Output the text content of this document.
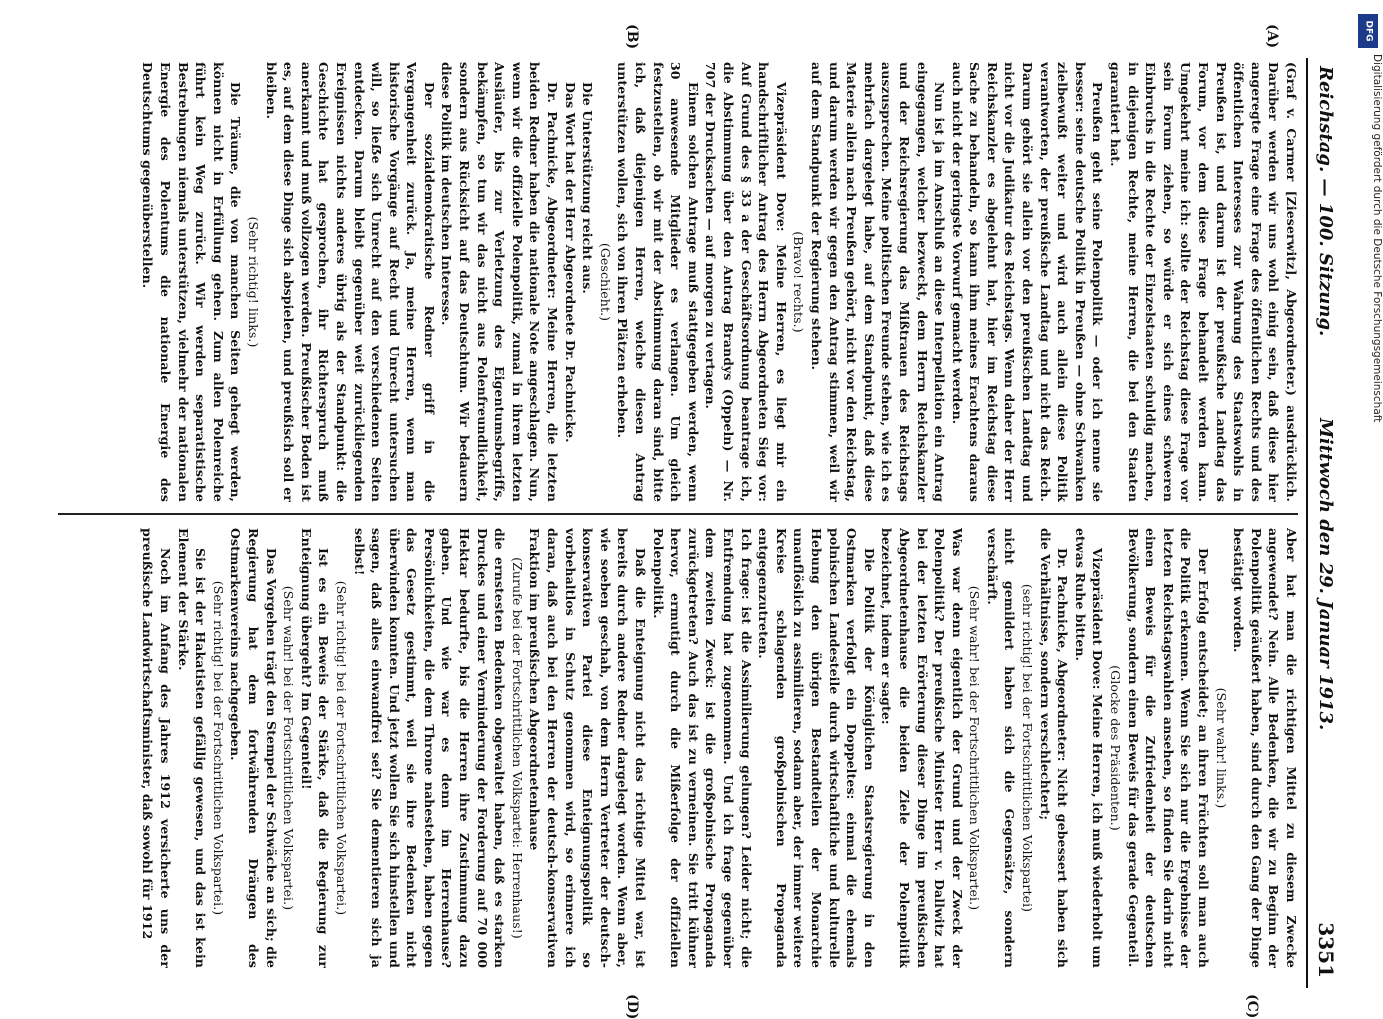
Reichstag. — 100. Sitzung.
Mittwoch den 29. Januar 1913.
3351
(A)
(B)
(C)
(D)

(Graf v. Carmer [Zieserwitz], Abgeordneter.) ausdrücklich. Darüber werden wir uns wohl einig sein, daß diese hier angeregte Frage eine Frage des öffentlichen Rechts und des öffentlichen Interesses zur Wahrung des Staatswohls in Preußen ist, und darum ist der preußische Landtag das Forum, vor dem diese Frage behandelt werden kann. Umgekehrt meine ich: sollte der Reichstag diese Frage vor sein Forum ziehen, so würde er sich eines schweren Einbruchs in die Rechte der Einzelstaaten schuldig machen, in diejenigen Rechte, meine Herren, die bei den Staaten garantiert hat.

Preußen geht seine Polenpolitik — oder ich nenne sie besser: seine deutsche Politik in Preußen — ohne Schwanken zielbewußt weiter und wird auch allein diese Politik verantworten, der preußische Landtag und nicht das Reich. Darum gehört sie allein vor den preußischen Landtag und nicht vor die Judikatur des Reichstags. Wenn daher der Herr Reichskanzler es abgelehnt hat, hier im Reichstag diese Sache zu behandeln, so kann ihm meines Erachtens daraus auch nicht der geringste Vorwurf gemacht werden.

Nun ist ja im Anschluß an diese Interpellation ein Antrag eingegangen, welcher bezweckt, dem Herrn Reichskanzler und der Reichsregierung das Mißtrauen des Reichstags auszusprechen. Meine politischen Freunde stehen, wie ich es mehrfach dargelegt habe, auf dem Standpunkt, daß diese Materie allein nach Preußen gehört, nicht vor den Reichstag, und darum werden wir gegen den Antrag stimmen, weil wir auf dem Standpunkt der Regierung stehen.

(Bravo! rechts.)

Vizepräsident Dove: Meine Herren, es liegt mir ein handschriftlicher Antrag des Herrn Abgeordneten Sieg vor: Auf Grund des § 33 a der Geschäftsordnung beantrage ich, die Abstimmung über den Antrag Brandys (Oppeln) — Nr. 707 der Drucksachen — auf morgen zu vertagen.

Einem solchen Antrage muß stattgegeben werden, wenn 30 anwesende Mitglieder es verlangen. Um gleich festzustellen, ob wir mit der Abstimmung daran sind, bitte ich, daß diejenigen Herren, welche diesen Antrag unterstützen wollen, sich von ihren Plätzen erheben.

(Geschieht.)

Die Unterstützung reicht aus.

Das Wort hat der Herr Abgeordnete Dr. Pachnicke.

Dr. Pachnicke, Abgeordneter: Meine Herren, die letzten beiden Redner haben die nationale Note angeschlagen. Nun, wenn wir die offizielle Polenpolitik, zumal in ihrem letzten Ausläufer, bis zur Verletzung des Eigentumsbegriffs, bekämpfen, so tun wir das nicht aus Polenfreundlichkeit, sondern aus Rücksicht auf das Deutschtum. Wir bedauern diese Politik im deutschen Interesse.

Der sozialdemokratische Redner griff in die Vergangenheit zurück. Ja, meine Herren, wenn man historische Vorgänge auf Recht und Unrecht untersuchen will, so lieẞe sich Unrecht auf den verschiedenen Seiten entdecken. Darum bleibt gegenüber weit zurückliegenden Ereignissen nichts anderes übrig als der Standpunkt: die Geschichte hat gesprochen, ihr Richterspruch muß anerkannt und muß vollzogen werden. Preußischer Boden ist es, auf dem diese Dinge sich abspielen, und preußisch soll er bleiben.

(Sehr richtig! links.)

Die Träume, die von manchen Seiten gehegt werden, können nicht in Erfüllung gehen. Zum allen Polenreiche führt kein Weg zurück. Wir werden separatistische Bestrebungen niemals unterstützen, vielmehr der nationalen Energie des Polentums die nationale Energie des Deutschtums gegenüberstellen.

Aber hat man die richtigen Mittel zu diesem Zwecke angewendet? Nein. Alle Bedenken, die wir zu Beginn der Polenpolitik geäußert haben, sind durch den Gang der Dinge bestätigt worden.

(Sehr wahr! links.)

Der Erfolg entscheidet; an ihren Früchten soll man auch die Politik erkennen. Wenn Sie sich nur die Ergebnisse der letzten Reichstagswahlen ansehen, so finden Sie darin nicht einen Beweis für die Zufriedenheit der deutschen Bevölkerung, sondern einen Beweis für das gerade Gegenteil.

(Glocke des Präsidenten.)

Vizepräsident Dove: Meine Herren, ich muß wiederholt um etwas Ruhe bitten.

Dr. Pachnicke, Abgeordneter: Nicht gebessert haben sich die Verhältnisse, sondern verschlechtert;

(sehr richtig! bei der Fortschrittlichen Volkspartei)

nicht gemildert haben sich die Gegensätze, sondern verschärft.

(Sehr wahr! bei der Fortschrittlichen Volkspartei.)

Was war denn eigentlich der Grund und der Zweck der Polenpolitik? Der preußische Minister Herr v. Dallwitz hat bei der letzten Erörterung dieser Dinge im preußischen Abgeordnetenhause die beiden Ziele der Polenpolitik bezeichnet, indem er sagte:

Die Politik der Königlichen Staatsregierung in den Ostmarken verfolgt ein Doppeltes: einmal die ehemals polnischen Landesteile durch wirtschaftliche und kulturelle Hebung den übrigen Bestandteilen der Monarchie unauflöslich zu assimilieren, sodann aber, der immer weitere Kreise schlagenden großpolnischen Propaganda entgegenzutreten.

Ich frage: ist die Assimilierung gelungen? Leider nicht; die Entfremdung hat zugenommen. Und ich frage gegenüber dem zweiten Zweck: ist die großpolnische Propaganda zurückgetreten? Auch das ist zu verneinen. Sie tritt kühner hervor, ermutigt durch die Mißerfolge der offiziellen Polenpolitik.

Daß die Enteignung nicht das richtige Mittel war, ist bereits durch andere Redner dargelegt worden. Wenn aber, wie soeben geschah, von dem Herrn Vertreter der deutsch-konservativen Partei diese Enteignungspolitik so vorbehaltlos in Schutz genommen wird, so erinnere ich daran, daß auch bei den Herren der deutsch-konservativen Fraktion im preußischen Abgeordnetenhause

(Zurufe bei der Fortschrittlichen Volkspartei: Herrenhaus!)

die ernstesten Bedenken obgewaltet haben, daß es starken Druckes und einer Verminderung der Forderung auf 70 000 Hektar bedurfte, bis die Herren ihre Zustimmung dazu gaben. Und wie war es denn im Herrenhause? Persönlichkeiten, die dem Throne nahestehen, haben gegen das Gesetz gestimmt, weil sie ihre Bedenken nicht überwinden konnten. Und jetzt wollen Sie sich hinstellen und sagen, daß alles einwandfrei sei? Sie dementieren sich ja selbst!

(Sehr richtig! bei der Fortschrittlichen Volkspartei.)

Ist es ein Beweis der Stärke, daß die Regierung zur Enteignung übergeht? Im Gegenteil!

(Sehr wahr! bei der Fortschrittlichen Volkspartei.)

Das Vorgehen trägt den Stempel der Schwäche an sich; die Regierung hat dem fortwährenden Drängen des Ostmarkenvereins nachgegeben.

(Sehr richtig! bei der Fortschrittlichen Volkspartei.)

Sie ist der Hakatisten gefällig gewesen, und das ist kein Element der Stärke.

Noch im Anfang des Jahres 1912 versicherte uns der preußische Landwirtschaftsminister, daß sowohl für 1912

DFG
Digitalisierung gefördert durch die Deutsche Forschungsgemeinschaft
